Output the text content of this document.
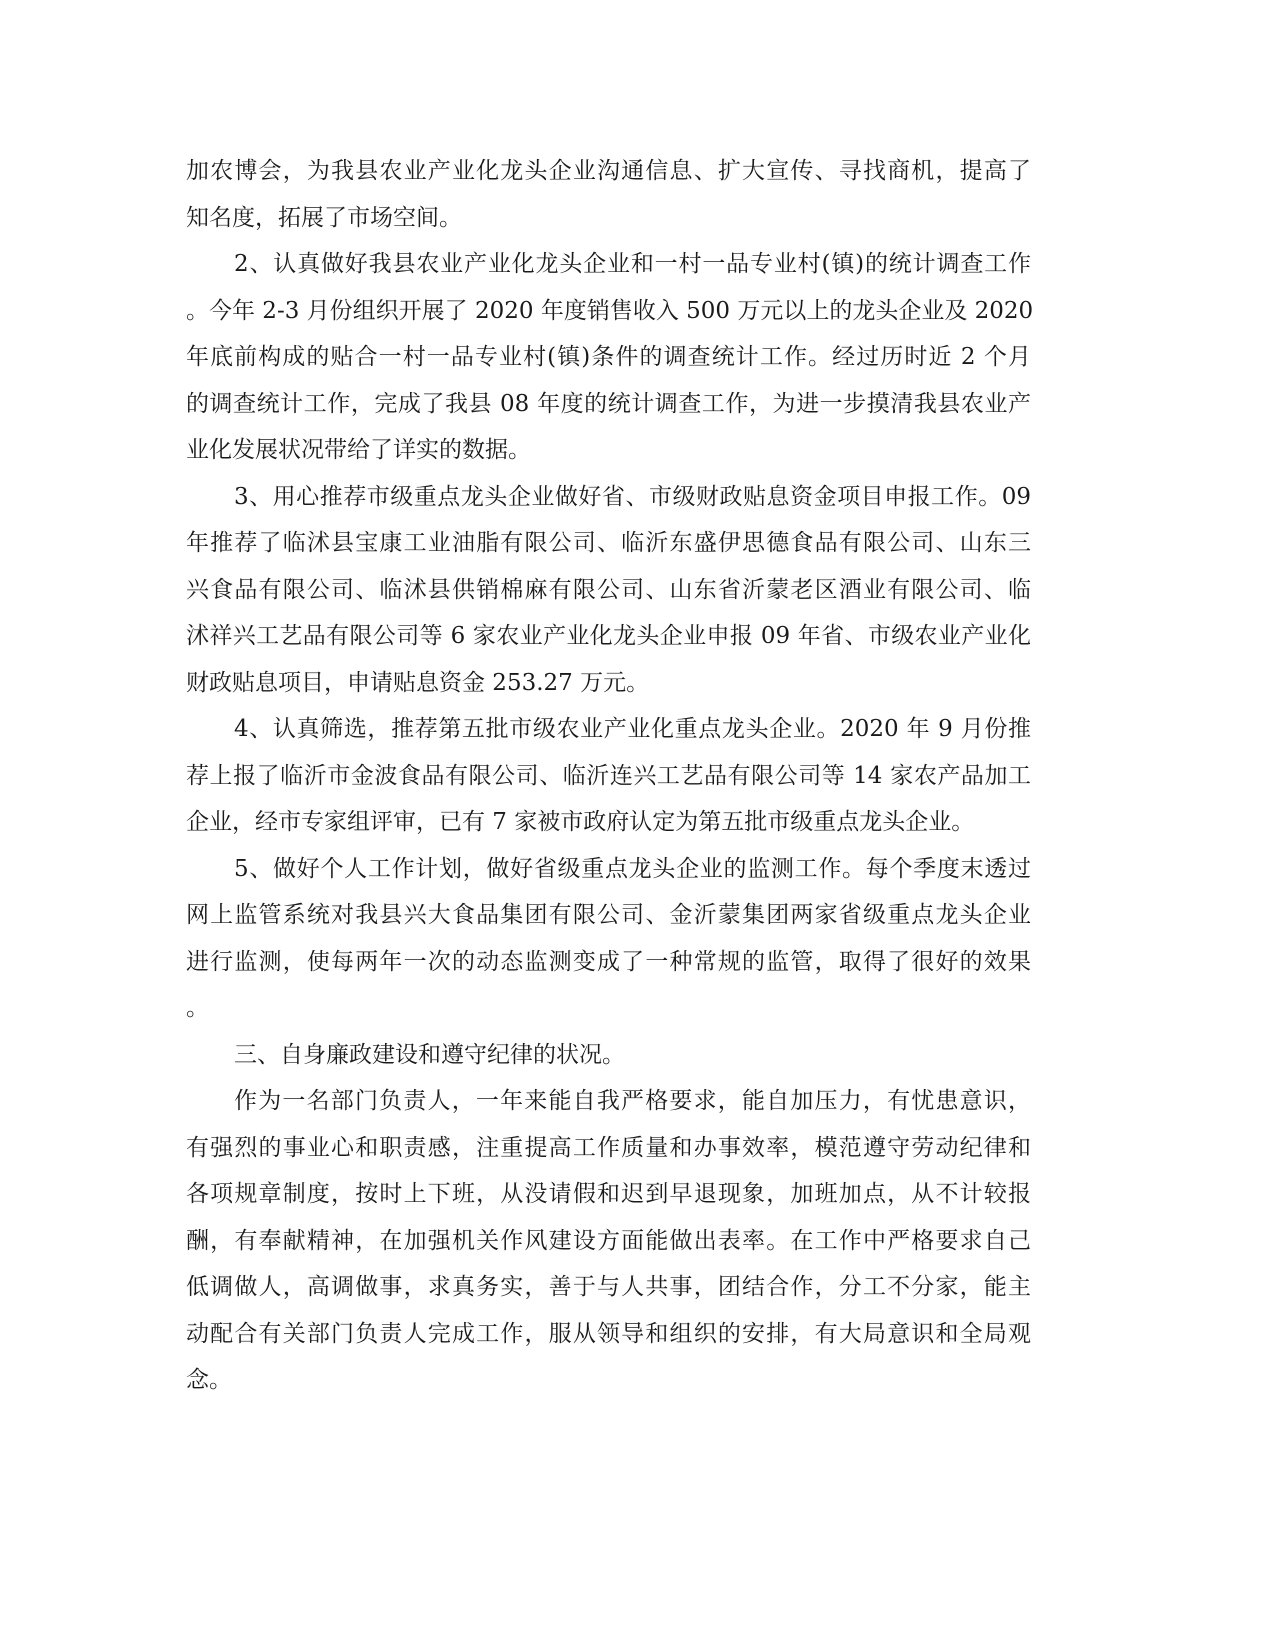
加农博会，为我县农业产业化龙头企业沟通信息、扩大宣传、寻找商机，提高了
知名度，拓展了市场空间。
2、认真做好我县农业产业化龙头企业和一村一品专业村(镇)的统计调查工作
。今年 2-3 月份组织开展了 2020 年度销售收入 500 万元以上的龙头企业及 2020
年底前构成的贴合一村一品专业村(镇)条件的调查统计工作。经过历时近 2 个月
的调查统计工作，完成了我县 08 年度的统计调查工作，为进一步摸清我县农业产
业化发展状况带给了详实的数据。
3、用心推荐市级重点龙头企业做好省、市级财政贴息资金项目申报工作。09
年推荐了临沭县宝康工业油脂有限公司、临沂东盛伊思德食品有限公司、山东三
兴食品有限公司、临沭县供销棉麻有限公司、山东省沂蒙老区酒业有限公司、临
沭祥兴工艺品有限公司等 6 家农业产业化龙头企业申报 09 年省、市级农业产业化
财政贴息项目，申请贴息资金 253.27 万元。
4、认真筛选，推荐第五批市级农业产业化重点龙头企业。2020 年 9 月份推
荐上报了临沂市金波食品有限公司、临沂连兴工艺品有限公司等 14 家农产品加工
企业，经市专家组评审，已有 7 家被市政府认定为第五批市级重点龙头企业。
5、做好个人工作计划，做好省级重点龙头企业的监测工作。每个季度末透过
网上监管系统对我县兴大食品集团有限公司、金沂蒙集团两家省级重点龙头企业
进行监测，使每两年一次的动态监测变成了一种常规的监管，取得了很好的效果
。
三、自身廉政建设和遵守纪律的状况。
作为一名部门负责人，一年来能自我严格要求，能自加压力，有忧患意识，
有强烈的事业心和职责感，注重提高工作质量和办事效率，模范遵守劳动纪律和
各项规章制度，按时上下班，从没请假和迟到早退现象，加班加点，从不计较报
酬，有奉献精神，在加强机关作风建设方面能做出表率。在工作中严格要求自己
低调做人，高调做事，求真务实，善于与人共事，团结合作，分工不分家，能主
动配合有关部门负责人完成工作，服从领导和组织的安排，有大局意识和全局观
念。
